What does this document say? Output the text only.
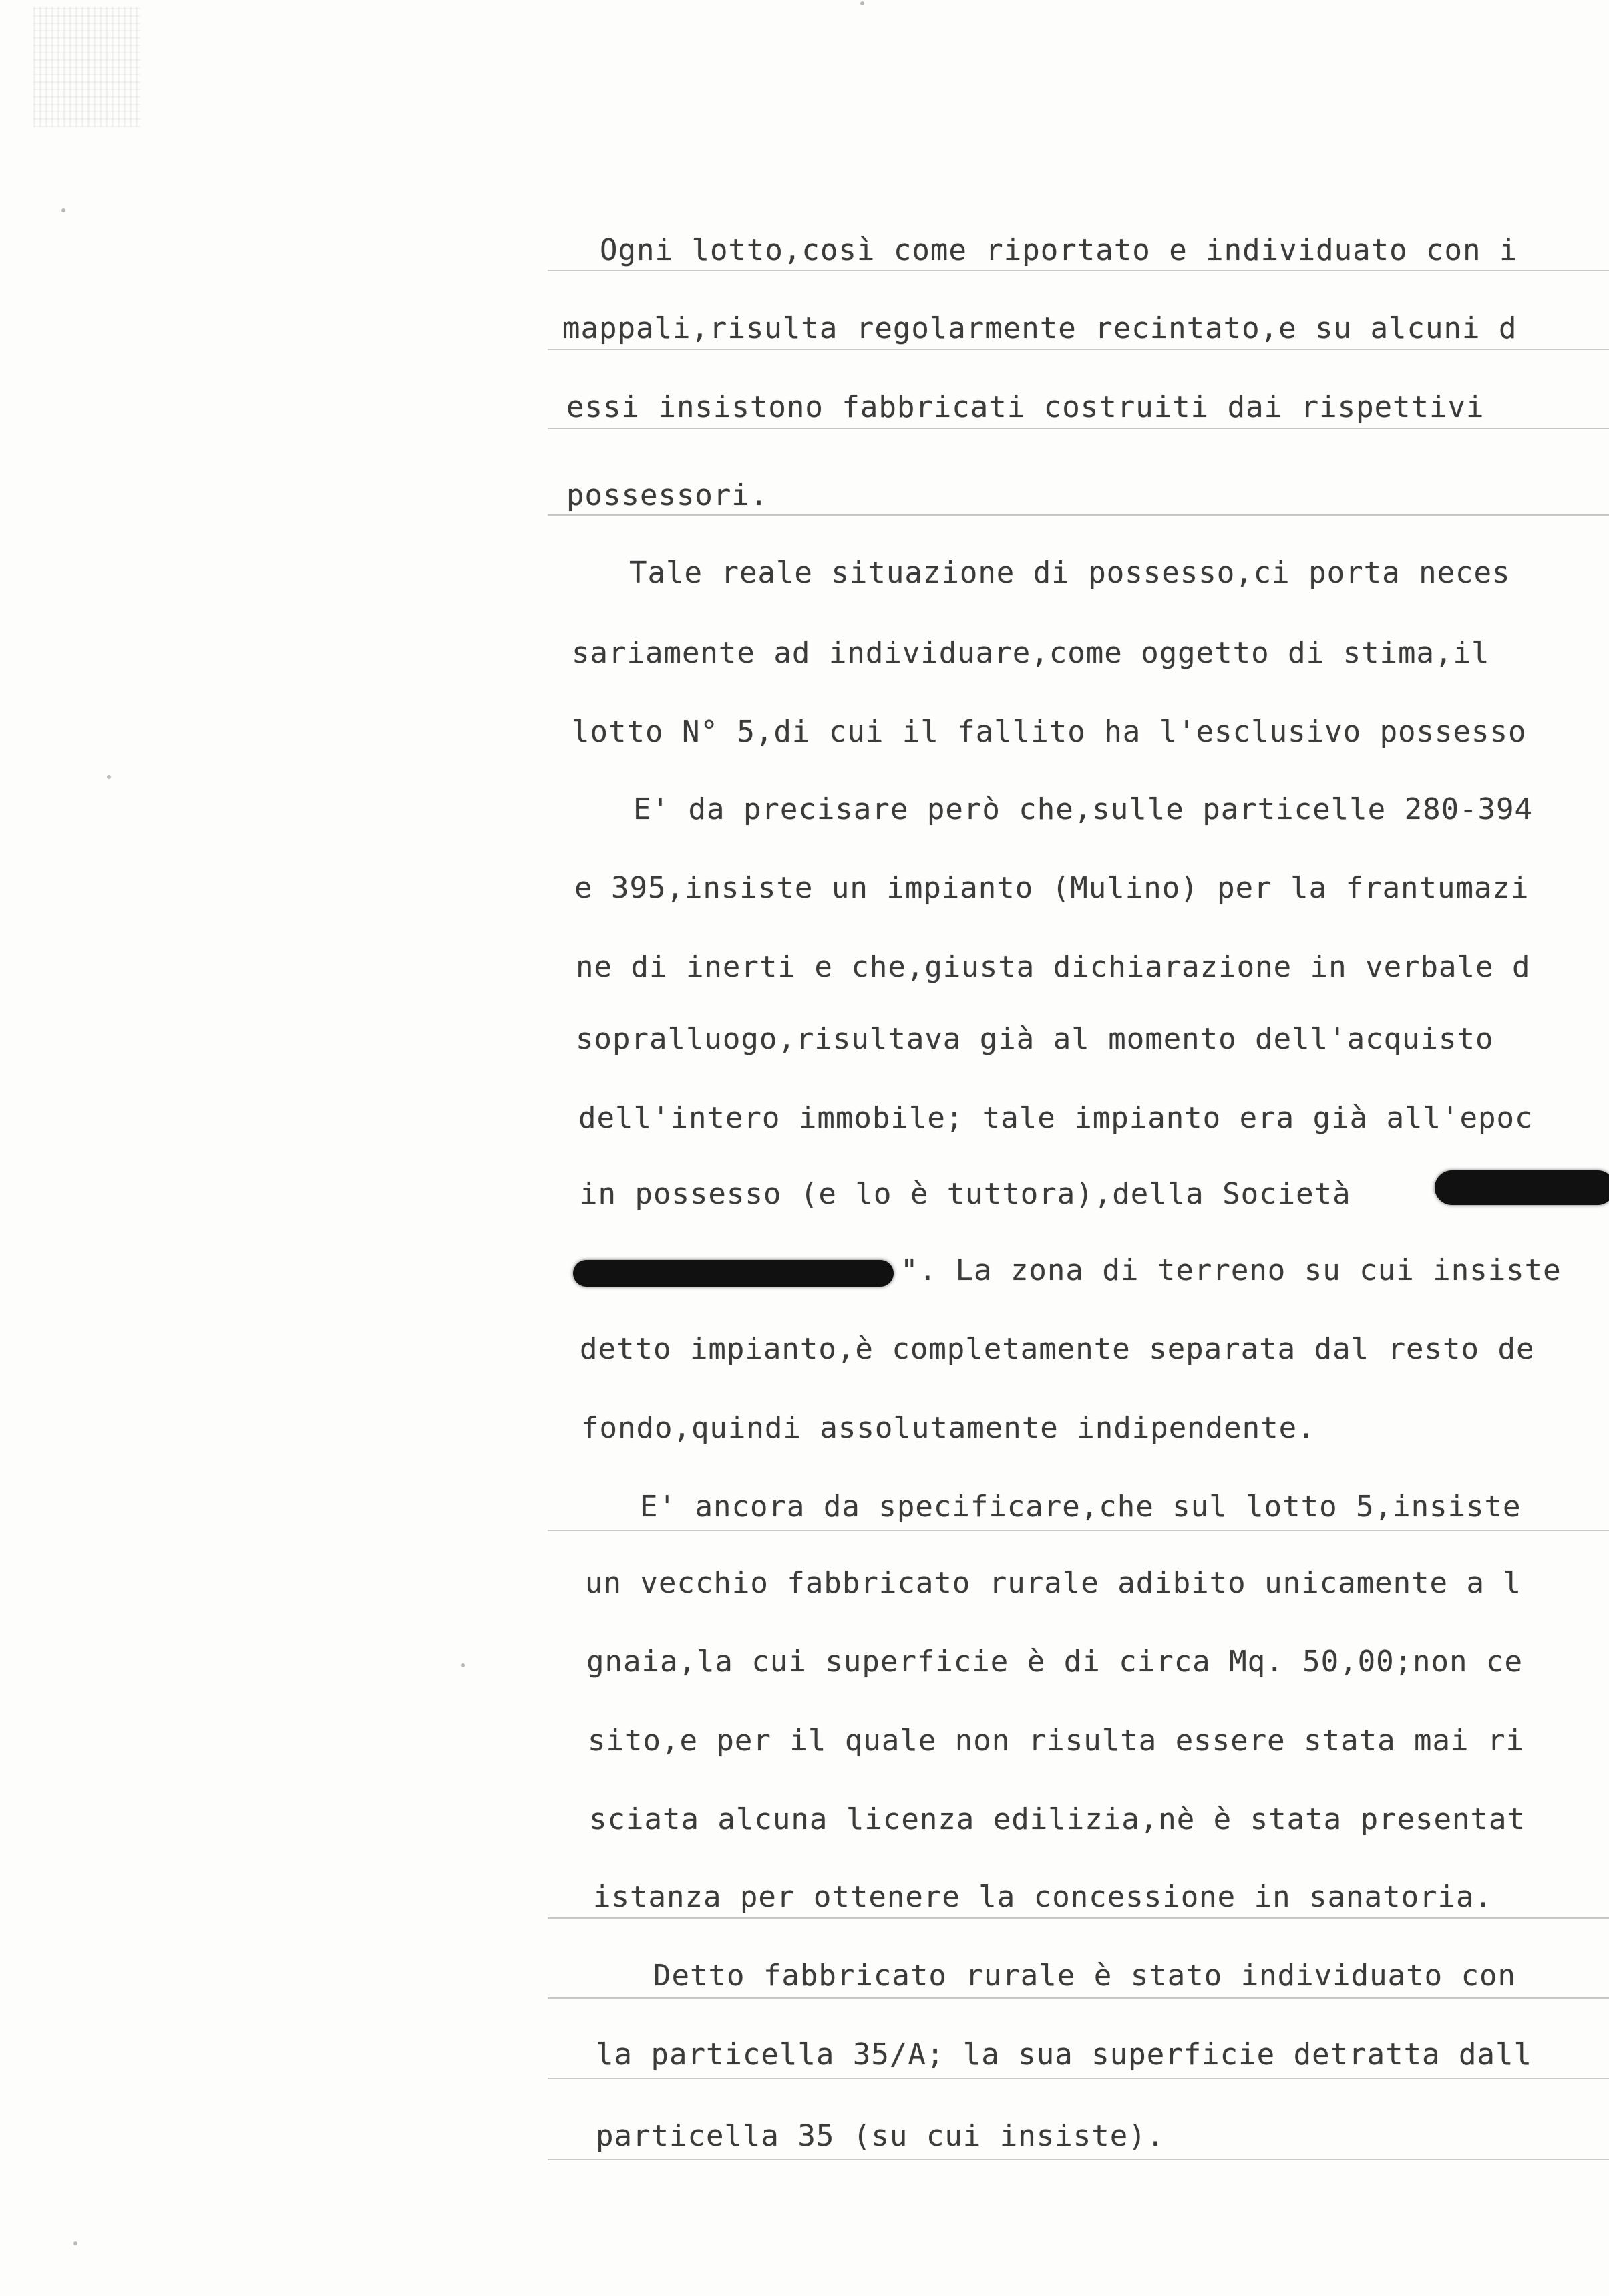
Ogni lotto,così come riportato e individuato con i
mappali,risulta regolarmente recintato,e su alcuni d
essi insistono fabbricati costruiti dai rispettivi
possessori.
Tale reale situazione di possesso,ci porta neces
sariamente ad individuare,come oggetto di stima,il
lotto N° 5,di cui il fallito ha l'esclusivo possesso
E' da precisare però che,sulle particelle 280-394
e 395,insiste un impianto (Mulino) per la frantumazi
ne di inerti e che,giusta dichiarazione in verbale d
sopralluogo,risultava già al momento dell'acquisto
dell'intero immobile; tale impianto era già all'epoc
in possesso (e lo è tuttora),della Società
". La zona di terreno su cui insiste
detto impianto,è completamente separata dal resto de
fondo,quindi assolutamente indipendente.
E' ancora da specificare,che sul lotto 5,insiste
un vecchio fabbricato rurale adibito unicamente a l
gnaia,la cui superficie è di circa Mq. 50,00;non ce
sito,e per il quale non risulta essere stata mai ri
sciata alcuna licenza edilizia,nè è stata presentat
istanza per ottenere la concessione in sanatoria.
Detto fabbricato rurale è stato individuato con
la particella 35/A; la sua superficie detratta dall
particella 35 (su cui insiste).
